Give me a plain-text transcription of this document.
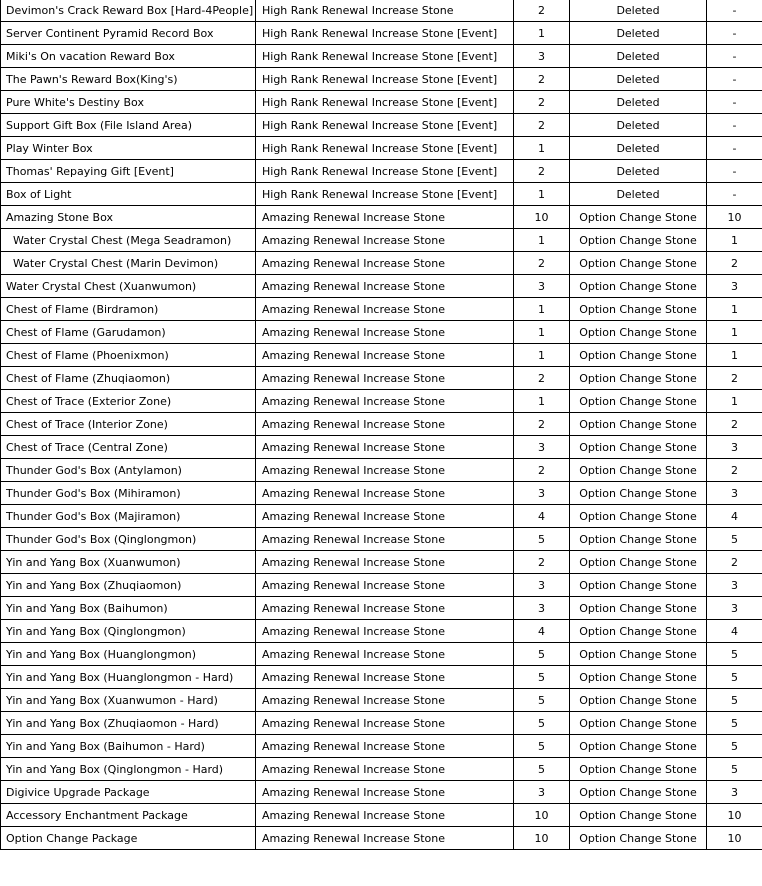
Devimon's Crack Reward Box [Hard-4People]	High Rank Renewal Increase Stone	2	Deleted	-
Server Continent Pyramid Record Box	High Rank Renewal Increase Stone [Event]	1	Deleted	-
Miki's On vacation Reward Box	High Rank Renewal Increase Stone [Event]	3	Deleted	-
The Pawn's Reward Box(King's)	High Rank Renewal Increase Stone [Event]	2	Deleted	-
Pure White's Destiny Box	High Rank Renewal Increase Stone [Event]	2	Deleted	-
Support Gift Box (File Island Area)	High Rank Renewal Increase Stone [Event]	2	Deleted	-
Play Winter Box	High Rank Renewal Increase Stone [Event]	1	Deleted	-
Thomas' Repaying Gift [Event]	High Rank Renewal Increase Stone [Event]	2	Deleted	-
Box of Light	High Rank Renewal Increase Stone [Event]	1	Deleted	-
Amazing Stone Box	Amazing Renewal Increase Stone	10	Option Change Stone	10
Water Crystal Chest (Mega Seadramon)	Amazing Renewal Increase Stone	1	Option Change Stone	1
Water Crystal Chest (Marin Devimon)	Amazing Renewal Increase Stone	2	Option Change Stone	2
Water Crystal Chest (Xuanwumon)	Amazing Renewal Increase Stone	3	Option Change Stone	3
Chest of Flame (Birdramon)	Amazing Renewal Increase Stone	1	Option Change Stone	1
Chest of Flame (Garudamon)	Amazing Renewal Increase Stone	1	Option Change Stone	1
Chest of Flame (Phoenixmon)	Amazing Renewal Increase Stone	1	Option Change Stone	1
Chest of Flame (Zhuqiaomon)	Amazing Renewal Increase Stone	2	Option Change Stone	2
Chest of Trace (Exterior Zone)	Amazing Renewal Increase Stone	1	Option Change Stone	1
Chest of Trace (Interior Zone)	Amazing Renewal Increase Stone	2	Option Change Stone	2
Chest of Trace (Central Zone)	Amazing Renewal Increase Stone	3	Option Change Stone	3
Thunder God's Box (Antylamon)	Amazing Renewal Increase Stone	2	Option Change Stone	2
Thunder God's Box (Mihiramon)	Amazing Renewal Increase Stone	3	Option Change Stone	3
Thunder God's Box (Majiramon)	Amazing Renewal Increase Stone	4	Option Change Stone	4
Thunder God's Box (Qinglongmon)	Amazing Renewal Increase Stone	5	Option Change Stone	5
Yin and Yang Box (Xuanwumon)	Amazing Renewal Increase Stone	2	Option Change Stone	2
Yin and Yang Box (Zhuqiaomon)	Amazing Renewal Increase Stone	3	Option Change Stone	3
Yin and Yang Box (Baihumon)	Amazing Renewal Increase Stone	3	Option Change Stone	3
Yin and Yang Box (Qinglongmon)	Amazing Renewal Increase Stone	4	Option Change Stone	4
Yin and Yang Box (Huanglongmon)	Amazing Renewal Increase Stone	5	Option Change Stone	5
Yin and Yang Box (Huanglongmon - Hard)	Amazing Renewal Increase Stone	5	Option Change Stone	5
Yin and Yang Box (Xuanwumon - Hard)	Amazing Renewal Increase Stone	5	Option Change Stone	5
Yin and Yang Box (Zhuqiaomon - Hard)	Amazing Renewal Increase Stone	5	Option Change Stone	5
Yin and Yang Box (Baihumon - Hard)	Amazing Renewal Increase Stone	5	Option Change Stone	5
Yin and Yang Box (Qinglongmon - Hard)	Amazing Renewal Increase Stone	5	Option Change Stone	5
Digivice Upgrade Package	Amazing Renewal Increase Stone	3	Option Change Stone	3
Accessory Enchantment Package	Amazing Renewal Increase Stone	10	Option Change Stone	10
Option Change Package	Amazing Renewal Increase Stone	10	Option Change Stone	10
